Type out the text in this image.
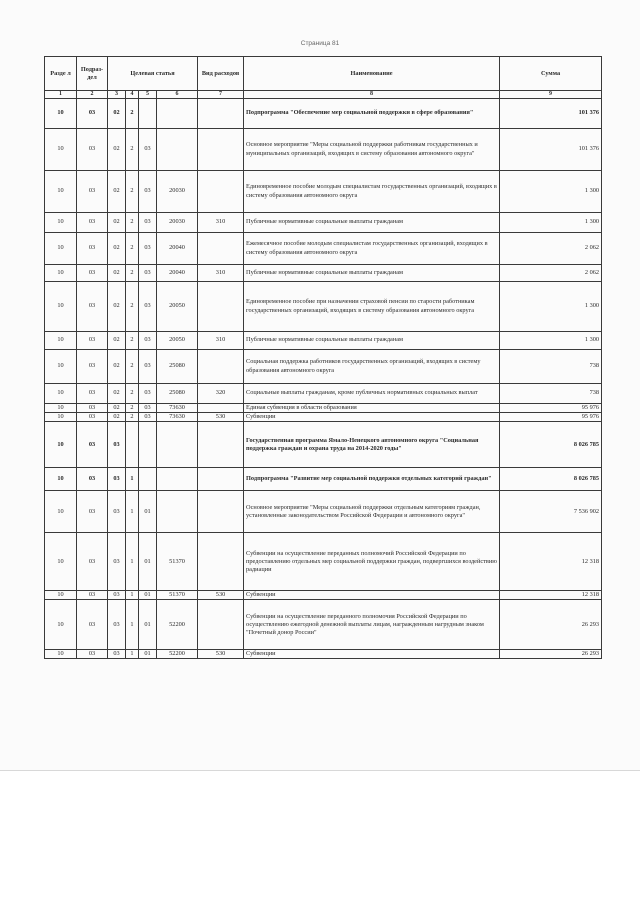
Страница 81
Разде л	Подраз- дел	Целевая статья				Вид расходов	Наименование	Сумма
1	2	3	4	5	6	7	8	9
10	03	02	2				Подпрограмма "Обеспечение мер социальной поддержки в сфере образования"	101 376
10	03	02	2	03			Основное мероприятие "Меры социальной поддержки работникам государственных и муниципальных организаций, входящих в систему образования автономного округа"	101 376
10	03	02	2	03	20030		Единовременное пособие молодым специалистам государственных организаций, входящих в систему образования автономного округа	1 300
10	03	02	2	03	20030	310	Публичные нормативные социальные выплаты гражданам	1 300
10	03	02	2	03	20040		Ежемесячное пособие молодым специалистам государственных организаций, входящих в систему образования автономного округа	2 062
10	03	02	2	03	20040	310	Публичные нормативные социальные выплаты гражданам	2 062
10	03	02	2	03	20050		Единовременное пособие при назначении страховой пенсии по старости работникам государственных организаций, входящих в систему образования автономного округа	1 300
10	03	02	2	03	20050	310	Публичные нормативные социальные выплаты гражданам	1 300
10	03	02	2	03	25080		Социальная поддержка работников государственных организаций, входящих в систему образования автономного округа	738
10	03	02	2	03	25080	320	Социальные выплаты гражданам, кроме публичных нормативных социальных выплат	738
10	03	02	2	03	73630		Единая субвенция в области образования	95 976
10	03	02	2	03	73630	530	Субвенции	95 976
10	03	03					Государственная программа Ямало-Ненецкого автономного округа "Социальная поддержка граждан и охрана труда на 2014-2020 годы"	8 026 785
10	03	03	1				Подпрограмма "Развитие мер социальной поддержки отдельных категорий граждан"	8 026 785
10	03	03	1	01			Основное мероприятие "Меры социальной поддержки отдельным категориям граждан, установленные законодательством Российской Федерации и автономного округа"	7 536 902
10	03	03	1	01	51370		Субвенции на осуществление переданных полномочий Российской Федерации по предоставлению отдельных мер социальной поддержки граждан, подвергшихся воздействию радиации	12 318
10	03	03	1	01	51370	530	Субвенции	12 318
10	03	03	1	01	52200		Субвенции на осуществление переданного полномочия Российской Федерации по осуществлению ежегодной денежной выплаты лицам, награжденным нагрудным знаком "Почетный донор России"	26 293
10	03	03	1	01	52200	530	Субвенции	26 293
